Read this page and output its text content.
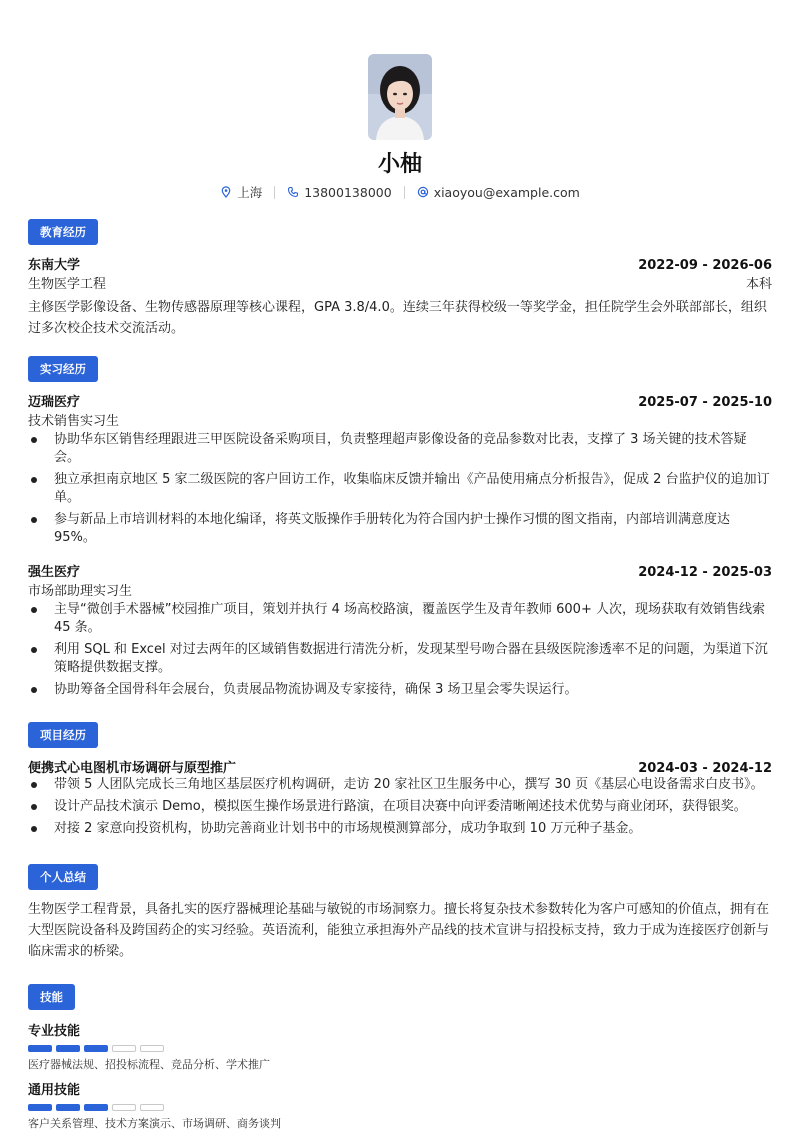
小柚
上海	13800138000	xiaoyou@example.com
教育经历
东南大学	2022-09 - 2026-06
生物医学工程	本科

主修医学影像设备、生物传感器原理等核心课程，GPA 3.8/4.0。连续三年获得校级一等奖学金，担任院学生会外联部部长，组织过多次校企技术交流活动。

实习经历
迈瑞医疗	2025-07 - 2025-10
技术销售实习生
协助华东区销售经理跟进三甲医院设备采购项目，负责整理超声影像设备的竞品参数对比表，支撑了 3 场关键的技术答疑会。
独立承担南京地区 5 家二级医院的客户回访工作，收集临床反馈并输出《产品使用痛点分析报告》，促成 2 台监护仪的追加订单。
参与新品上市培训材料的本地化编译，将英文版操作手册转化为符合国内护士操作习惯的图文指南，内部培训满意度达 95%。
强生医疗	2024-12 - 2025-03
市场部助理实习生
主导“微创手术器械”校园推广项目，策划并执行 4 场高校路演，覆盖医学生及青年教师 600+ 人次，现场获取有效销售线索 45 条。
利用 SQL 和 Excel 对过去两年的区域销售数据进行清洗分析，发现某型号吻合器在县级医院渗透率不足的问题，为渠道下沉策略提供数据支撑。
协助筹备全国骨科年会展台，负责展品物流协调及专家接待，确保 3 场卫星会零失误运行。
项目经历
便携式心电图机市场调研与原型推广	2024-03 - 2024-12
带领 5 人团队完成长三角地区基层医疗机构调研，走访 20 家社区卫生服务中心，撰写 30 页《基层心电设备需求白皮书》。
设计产品技术演示 Demo，模拟医生操作场景进行路演，在项目决赛中向评委清晰阐述技术优势与商业闭环，获得银奖。
对接 2 家意向投资机构，协助完善商业计划书中的市场规模测算部分，成功争取到 10 万元种子基金。
个人总结

生物医学工程背景，具备扎实的医疗器械理论基础与敏锐的市场洞察力。擅长将复杂技术参数转化为客户可感知的价值点，拥有在大型医院设备科及跨国药企的实习经验。英语流利，能独立承担海外产品线的技术宣讲与招投标支持，致力于成为连接医疗创新与临床需求的桥梁。

技能
专业技能
医疗器械法规、招投标流程、竞品分析、学术推广
通用技能
客户关系管理、技术方案演示、市场调研、商务谈判
